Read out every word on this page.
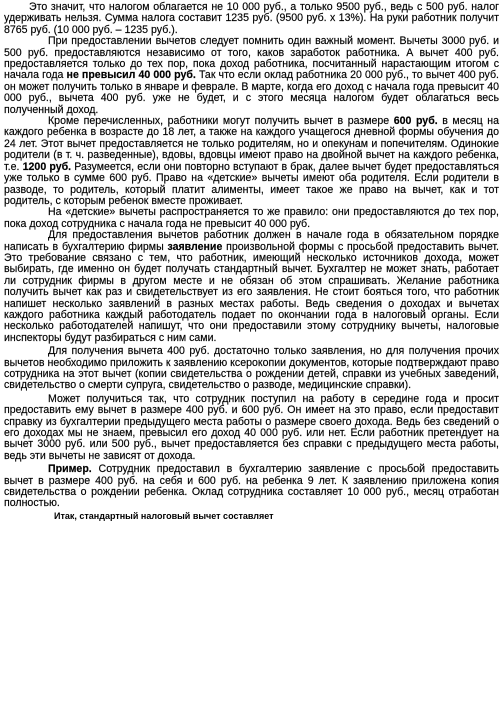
Это значит, что налогом облагается не 10 000 руб., а только 9500 руб., ведь с 500 руб. налог удерживать нельзя. Сумма налога составит 1235 руб. (9500 руб. х 13%). На руки работник получит 8765 руб. (10 000 руб. – 1235 руб.).

При предоставлении вычетов следует помнить один важный момент. Вычеты 3000 руб. и 500 руб. предоставляются независимо от того, каков заработок работника. А вычет 400 руб. предоставляется только до тех пор, пока доход работника, посчитанный нарастающим итогом с начала года не превысил 40 000 руб. Так что если оклад работника 20 000 руб., то вычет 400 руб. он может получить только в январе и феврале. В марте, когда его доход с начала года превысит 40 000 руб., вычета 400 руб. уже не будет, и с этого месяца налогом будет облагаться весь полученный доход.

Кроме перечисленных, работники могут получить вычет в размере 600 руб. в месяц на каждого ребенка в возрасте до 18 лет, а также на каждого учащегося дневной формы обучения до 24 лет. Этот вычет предоставляется не только родителям, но и опекунам и попечителям. Одинокие родители (в т. ч. разведенные), вдовы, вдовцы имеют право на двойной вычет на каждого ребенка, т.е. 1200 руб. Разумеется, если они повторно вступают в брак, далее вычет будет предоставляться уже только в сумме 600 руб. Право на «детские» вычеты имеют оба родителя. Если родители в разводе, то родитель, который платит алименты, имеет такое же право на вычет, как и тот родитель, с которым ребенок вместе проживает.

На «детские» вычеты распространяется то же правило: они предоставляются до тех пор, пока доход сотрудника с начала года не превысит 40 000 руб.

Для предоставления вычетов работник должен в начале года в обязательном порядке написать в бухгалтерию фирмы заявление произвольной формы с просьбой предоставить вычет. Это требование связано с тем, что работник, имеющий несколько источников дохода, может выбирать, где именно он будет получать стандартный вычет. Бухгалтер не может знать, работает ли сотрудник фирмы в другом месте и не обязан об этом спрашивать. Желание работника получить вычет как раз и свидетельствует из его заявления. Не стоит бояться того, что работник напишет несколько заявлений в разных местах работы. Ведь сведения о доходах и вычетах каждого работника каждый работодатель подает по окончании года в налоговый органы. Если несколько работодателей напишут, что они предоставили этому сотруднику вычеты, налоговые инспекторы будут разбираться с ним сами.

Для получения вычета 400 руб. достаточно только заявления, но для получения прочих вычетов необходимо приложить к заявлению ксерокопии документов, которые подтверждают право сотрудника на этот вычет (копии свидетельства о рождении детей, справки из учебных заведений, свидетельство о смерти супруга, свидетельство о разводе, медицинские справки).

Может получиться так, что сотрудник поступил на работу в середине года и просит предоставить ему вычет в размере 400 руб. и 600 руб. Он имеет на это право, если предоставит справку из бухгалтерии предыдущего места работы о размере своего дохода. Ведь без сведений о его доходах мы не знаем, превысил его доход 40 000 руб. или нет. Если работник претендует на вычет 3000 руб. или 500 руб., вычет предоставляется без справки с предыдущего места работы, ведь эти вычеты не зависят от дохода.

Пример. Сотрудник предоставил в бухгалтерию заявление с просьбой предоставить вычет в размере 400 руб. на себя и 600 руб. на ребенка 9 лет. К заявлению приложена копия свидетельства о рождении ребенка. Оклад сотрудника составляет 10 000 руб., месяц отработан полностью.

Итак, стандартный налоговый вычет составляет
